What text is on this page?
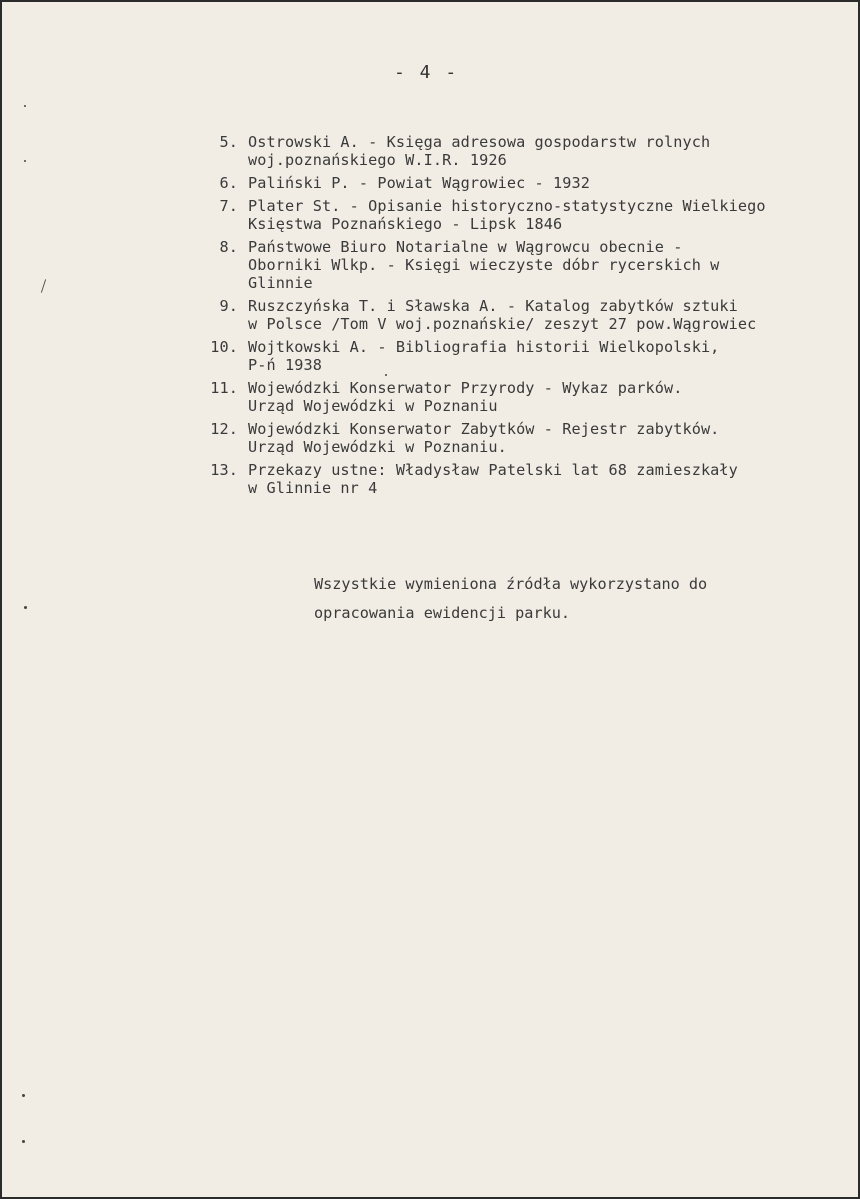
- 4 -
5. Ostrowski A. - Księga adresowa gospodarstw rolnych
woj.poznańskiego W.I.R. 1926
6. Paliński P. - Powiat Wągrowiec - 1932
7. Plater St. - Opisanie historyczno-statystyczne Wielkiego
Księstwa Poznańskiego - Lipsk 1846
8. Państwowe Biuro Notarialne w Wągrowcu obecnie -
Oborniki Wlkp. - Księgi wieczyste dóbr rycerskich w
Glinnie
9. Ruszczyńska T. i Sławska A. - Katalog zabytków sztuki
w Polsce /Tom V woj.poznańskie/ zeszyt 27 pow.Wągrowiec
10. Wojtkowski A. - Bibliografia historii Wielkopolski,
P-ń 1938
11. Wojewódzki Konserwator Przyrody - Wykaz parków.
Urząd Wojewódzki w Poznaniu
12. Wojewódzki Konserwator Zabytków - Rejestr zabytków.
Urząd Wojewódzki w Poznaniu.
13. Przekazy ustne: Władysław Patelski lat 68 zamieszkały
w Glinnie nr 4
Wszystkie wymieniona źródła wykorzystano do
opracowania ewidencji parku.
